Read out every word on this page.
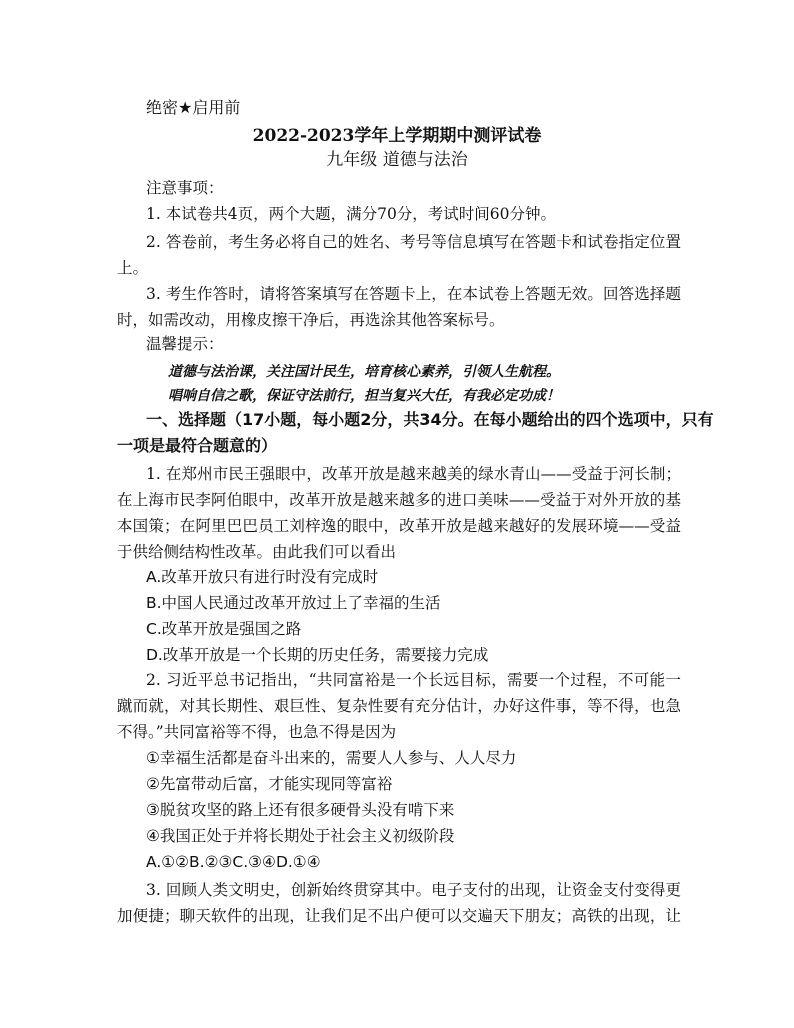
绝密★启用前
2022-2023学年上学期期中测评试卷
九年级 道德与法治
注意事项：
1. 本试卷共4页，两个大题，满分70分，考试时间60分钟。
2. 答卷前，考生务必将自己的姓名、考号等信息填写在答题卡和试卷指定位置
上。
3. 考生作答时，请将答案填写在答题卡上，在本试卷上答题无效。回答选择题
时，如需改动，用橡皮擦干净后，再选涂其他答案标号。
温馨提示：
道德与法治课，关注国计民生，培育核心素养，引领人生航程。
唱响自信之歌，保证守法前行，担当复兴大任，有我必定功成！
一、选择题（17小题，每小题2分，共34分。在每小题给出的四个选项中，只有
一项是最符合题意的）
1. 在郑州市民王强眼中，改革开放是越来越美的绿水青山——受益于河长制；
在上海市民李阿伯眼中，改革开放是越来越多的进口美味——受益于对外开放的基
本国策；在阿里巴巴员工刘梓逸的眼中，改革开放是越来越好的发展环境——受益
于供给侧结构性改革。由此我们可以看出
A.改革开放只有进行时没有完成时
B.中国人民通过改革开放过上了幸福的生活
C.改革开放是强国之路
D.改革开放是一个长期的历史任务，需要接力完成
2. 习近平总书记指出，“共同富裕是一个长远目标，需要一个过程，不可能一
蹴而就，对其长期性、艰巨性、复杂性要有充分估计，办好这件事，等不得，也急
不得。”共同富裕等不得，也急不得是因为
①幸福生活都是奋斗出来的，需要人人参与、人人尽力
②先富带动后富，才能实现同等富裕
③脱贫攻坚的路上还有很多硬骨头没有啃下来
④我国正处于并将长期处于社会主义初级阶段
A.①②B.②③C.③④D.①④
3. 回顾人类文明史，创新始终贯穿其中。电子支付的出现，让资金支付变得更
加便捷；聊天软件的出现，让我们足不出户便可以交遍天下朋友；高铁的出现，让
